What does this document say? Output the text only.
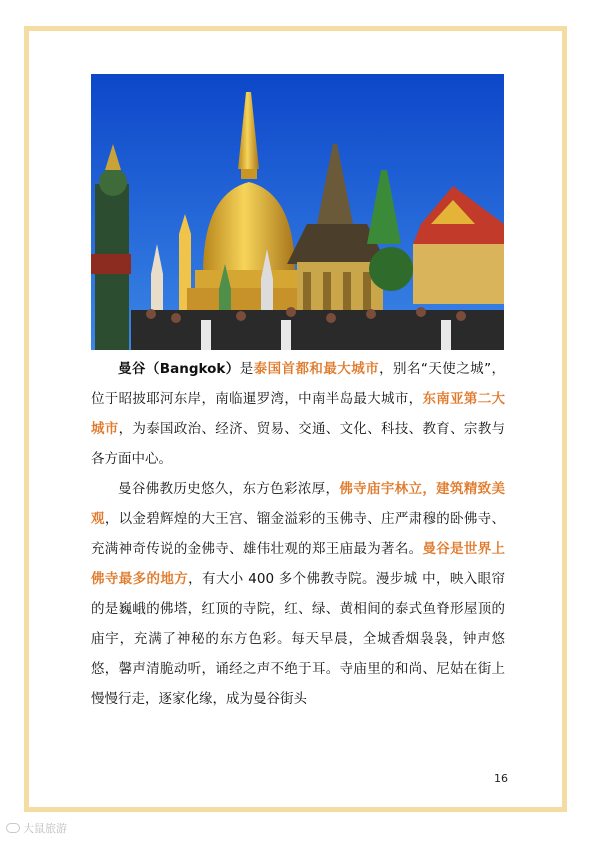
曼谷（Bangkok）是泰国首都和最大城市，别名“天使之城”，位于昭披耶河东岸，南临暹罗湾，中南半岛最大城市，东南亚第二大城市，为泰国政治、经济、贸易、交通、文化、科技、教育、宗教与各方面中心。

曼谷佛教历史悠久，东方色彩浓厚，佛寺庙宇林立，建筑精致美观，以金碧辉煌的大王宫、镏金溢彩的玉佛寺、庄严肃穆的卧佛寺、充满神奇传说的金佛寺、雄伟壮观的郑王庙最为著名。曼谷是世界上佛寺最多的地方，有大小 400 多个佛教寺院。漫步城 中，映入眼帘的是巍峨的佛塔，红顶的寺院，红、绿、黄相间的泰式鱼脊形屋顶的庙宇，充满了神秘的东方色彩。每天早晨，全城香烟袅袅，钟声悠悠，馨声清脆动听，诵经之声不绝于耳。寺庙里的和尚、尼姑在街上慢慢行走，逐家化缘，成为曼谷街头

16
大鼠旅游
